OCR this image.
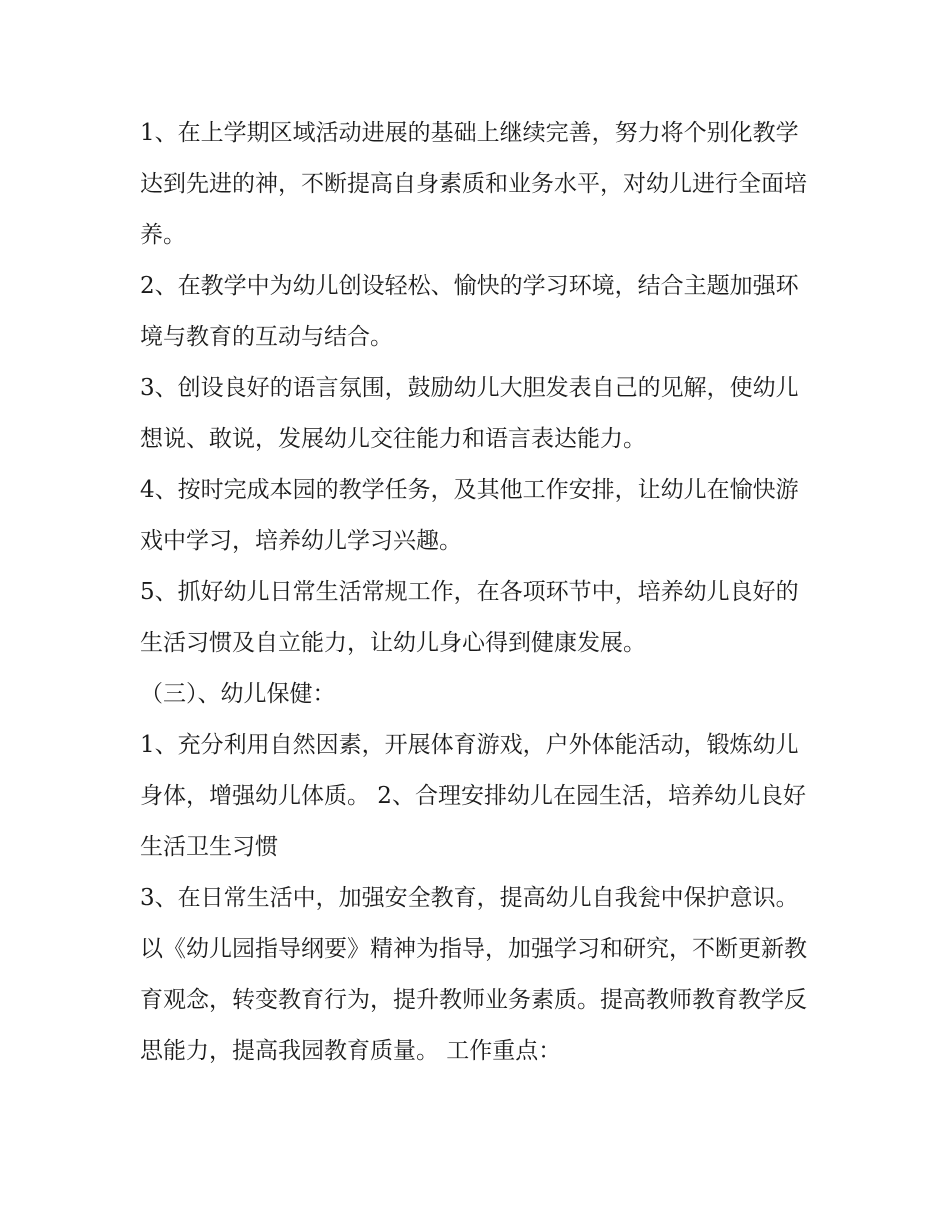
1、在上学期区域活动进展的基础上继续完善，努力将个别化教学达到先进的神，不断提高自身素质和业务水平，对幼儿进行全面培养。

2、在教学中为幼儿创设轻松、愉快的学习环境，结合主题加强环境与教育的互动与结合。

3、创设良好的语言氛围，鼓励幼儿大胆发表自己的见解，使幼儿想说、敢说，发展幼儿交往能力和语言表达能力。

4、按时完成本园的教学任务，及其他工作安排，让幼儿在愉快游戏中学习，培养幼儿学习兴趣。

5、抓好幼儿日常生活常规工作，在各项环节中，培养幼儿良好的生活习惯及自立能力，让幼儿身心得到健康发展。

（三）、幼儿保健：

1、充分利用自然因素，开展体育游戏，户外体能活动，锻炼幼儿身体，增强幼儿体质。 2、合理安排幼儿在园生活，培养幼儿良好生活卫生习惯

3、在日常生活中，加强安全教育，提高幼儿自我瓮中保护意识。

以《幼儿园指导纲要》精神为指导，加强学习和研究，不断更新教育观念，转变教育行为，提升教师业务素质。提高教师教育教学反思能力，提高我园教育质量。 工作重点：
